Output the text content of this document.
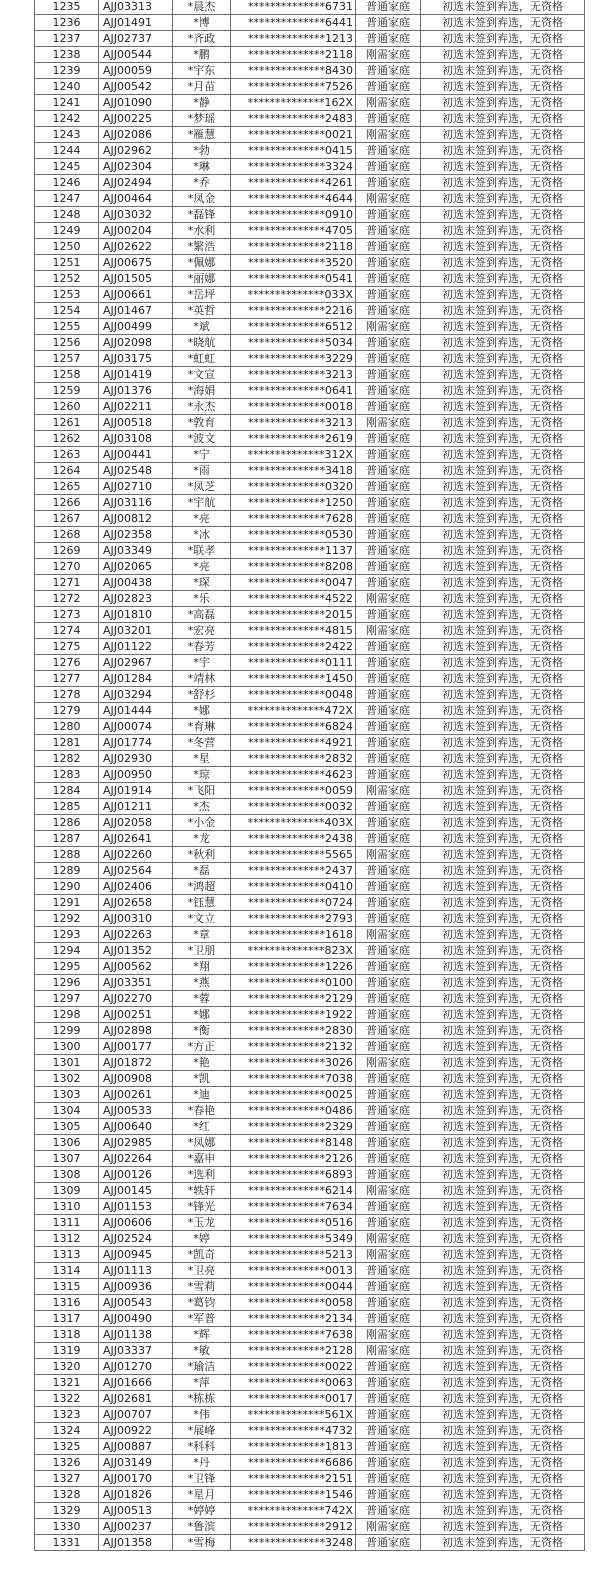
1235	AJJ03313	*晨杰	**************6731	普通家庭	初选未签到弃选，无资格
1236	AJJ01491	*博	**************6441	普通家庭	初选未签到弃选，无资格
1237	AJJ02737	*齐政	**************1213	普通家庭	初选未签到弃选，无资格
1238	AJJ00544	*鹏	**************2118	刚需家庭	初选未签到弃选，无资格
1239	AJJ00059	*宇东	**************8430	普通家庭	初选未签到弃选，无资格
1240	AJJ00542	*月苗	**************7526	普通家庭	初选未签到弃选，无资格
1241	AJJ01090	*静	**************162X	刚需家庭	初选未签到弃选，无资格
1242	AJJ00225	*梦瑶	**************2483	普通家庭	初选未签到弃选，无资格
1243	AJJ02086	*雁慧	**************0021	刚需家庭	初选未签到弃选，无资格
1244	AJJ02962	*勃	**************0415	普通家庭	初选未签到弃选，无资格
1245	AJJ02304	*琳	**************3324	普通家庭	初选未签到弃选，无资格
1246	AJJ02494	*乔	**************4261	普通家庭	初选未签到弃选，无资格
1247	AJJ00464	*凤金	**************4644	刚需家庭	初选未签到弃选，无资格
1248	AJJ03032	*磊锋	**************0910	普通家庭	初选未签到弃选，无资格
1249	AJJ00204	*水利	**************4705	普通家庭	初选未签到弃选，无资格
1250	AJJ02622	*繁浩	**************2118	普通家庭	初选未签到弃选，无资格
1251	AJJ00675	*佩娜	**************3520	普通家庭	初选未签到弃选，无资格
1252	AJJ01505	*丽娜	**************0541	普通家庭	初选未签到弃选，无资格
1253	AJJ00661	*岳坪	**************033X	普通家庭	初选未签到弃选，无资格
1254	AJJ01467	*英哲	**************2216	普通家庭	初选未签到弃选，无资格
1255	AJJ00499	*斌	**************6512	刚需家庭	初选未签到弃选，无资格
1256	AJJ02098	*晓航	**************5034	普通家庭	初选未签到弃选，无资格
1257	AJJ03175	*虹虹	**************3229	普通家庭	初选未签到弃选，无资格
1258	AJJ01419	*文宣	**************3213	普通家庭	初选未签到弃选，无资格
1259	AJJ01376	*海娟	**************0641	普通家庭	初选未签到弃选，无资格
1260	AJJ02211	*永杰	**************0018	普通家庭	初选未签到弃选，无资格
1261	AJJ00518	*敦育	**************3213	刚需家庭	初选未签到弃选，无资格
1262	AJJ03108	*波文	**************2619	普通家庭	初选未签到弃选，无资格
1263	AJJ00441	*宁	**************312X	普通家庭	初选未签到弃选，无资格
1264	AJJ02548	*雨	**************3418	普通家庭	初选未签到弃选，无资格
1265	AJJ02710	*凤芝	**************0320	普通家庭	初选未签到弃选，无资格
1266	AJJ03116	*宇航	**************1250	普通家庭	初选未签到弃选，无资格
1267	AJJ00812	*亮	**************7628	普通家庭	初选未签到弃选，无资格
1268	AJJ02358	*冰	**************0530	普通家庭	初选未签到弃选，无资格
1269	AJJ03349	*联孝	**************1137	普通家庭	初选未签到弃选，无资格
1270	AJJ02065	*亮	**************8208	普通家庭	初选未签到弃选，无资格
1271	AJJ00438	*琛	**************0047	普通家庭	初选未签到弃选，无资格
1272	AJJ02823	*乐	**************4522	刚需家庭	初选未签到弃选，无资格
1273	AJJ01810	*高磊	**************2015	普通家庭	初选未签到弃选，无资格
1274	AJJ03201	*宏亮	**************4815	刚需家庭	初选未签到弃选，无资格
1275	AJJ01122	*春芳	**************2422	普通家庭	初选未签到弃选，无资格
1276	AJJ02967	*宇	**************0111	普通家庭	初选未签到弃选，无资格
1277	AJJ01284	*靖林	**************1450	普通家庭	初选未签到弃选，无资格
1278	AJJ03294	*舒杉	**************0048	普通家庭	初选未签到弃选，无资格
1279	AJJ01444	*娜	**************472X	普通家庭	初选未签到弃选，无资格
1280	AJJ00074	*育琳	**************6824	普通家庭	初选未签到弃选，无资格
1281	AJJ01774	*冬营	**************4921	普通家庭	初选未签到弃选，无资格
1282	AJJ02930	*星	**************2832	普通家庭	初选未签到弃选，无资格
1283	AJJ00950	*琼	**************4623	普通家庭	初选未签到弃选，无资格
1284	AJJ01914	*飞阳	**************0059	刚需家庭	初选未签到弃选，无资格
1285	AJJ01211	*杰	**************0032	普通家庭	初选未签到弃选，无资格
1286	AJJ02058	*小金	**************403X	普通家庭	初选未签到弃选，无资格
1287	AJJ02641	*龙	**************2438	普通家庭	初选未签到弃选，无资格
1288	AJJ02260	*秋利	**************5565	刚需家庭	初选未签到弃选，无资格
1289	AJJ02564	*磊	**************2437	普通家庭	初选未签到弃选，无资格
1290	AJJ02406	*鸿超	**************0410	普通家庭	初选未签到弃选，无资格
1291	AJJ02658	*钰慧	**************0724	普通家庭	初选未签到弃选，无资格
1292	AJJ00310	*文立	**************2793	普通家庭	初选未签到弃选，无资格
1293	AJJ02263	*章	**************1618	刚需家庭	初选未签到弃选，无资格
1294	AJJ01352	*卫朋	**************823X	普通家庭	初选未签到弃选，无资格
1295	AJJ00562	*翔	**************1226	普通家庭	初选未签到弃选，无资格
1296	AJJ03351	*燕	**************0100	普通家庭	初选未签到弃选，无资格
1297	AJJ02270	*蓉	**************2129	普通家庭	初选未签到弃选，无资格
1298	AJJ00251	*娜	**************1922	普通家庭	初选未签到弃选，无资格
1299	AJJ02898	*衡	**************2830	普通家庭	初选未签到弃选，无资格
1300	AJJ00177	*方正	**************2132	普通家庭	初选未签到弃选，无资格
1301	AJJ01872	*艳	**************3026	刚需家庭	初选未签到弃选，无资格
1302	AJJ00908	*凯	**************7038	普通家庭	初选未签到弃选，无资格
1303	AJJ00261	*迪	**************0025	普通家庭	初选未签到弃选，无资格
1304	AJJ00533	*春艳	**************0486	普通家庭	初选未签到弃选，无资格
1305	AJJ00640	*红	**************2329	普通家庭	初选未签到弃选，无资格
1306	AJJ02985	*凤娜	**************8148	普通家庭	初选未签到弃选，无资格
1307	AJJ02264	*嘉申	**************2126	普通家庭	初选未签到弃选，无资格
1308	AJJ00126	*选利	**************6893	普通家庭	初选未签到弃选，无资格
1309	AJJ00145	*轶轩	**************6214	刚需家庭	初选未签到弃选，无资格
1310	AJJ01153	*锋光	**************7634	普通家庭	初选未签到弃选，无资格
1311	AJJ00606	*玉龙	**************0516	普通家庭	初选未签到弃选，无资格
1312	AJJ02524	*婷	**************5349	刚需家庭	初选未签到弃选，无资格
1313	AJJ00945	*凯奇	**************5213	刚需家庭	初选未签到弃选，无资格
1314	AJJ01113	*卫亮	**************0013	普通家庭	初选未签到弃选，无资格
1315	AJJ00936	*雪莉	**************0044	普通家庭	初选未签到弃选，无资格
1316	AJJ00543	*葛钧	**************0058	普通家庭	初选未签到弃选，无资格
1317	AJJ00490	*军普	**************2134	普通家庭	初选未签到弃选，无资格
1318	AJJ01138	*辉	**************7638	刚需家庭	初选未签到弃选，无资格
1319	AJJ03337	*敏	**************2128	刚需家庭	初选未签到弃选，无资格
1320	AJJ01270	*瑜洁	**************0022	普通家庭	初选未签到弃选，无资格
1321	AJJ01666	*萍	**************0063	普通家庭	初选未签到弃选，无资格
1322	AJJ02681	*栋栋	**************0017	普通家庭	初选未签到弃选，无资格
1323	AJJ00707	*伟	**************561X	普通家庭	初选未签到弃选，无资格
1324	AJJ00922	*展峰	**************4732	普通家庭	初选未签到弃选，无资格
1325	AJJ00887	*科科	**************1813	普通家庭	初选未签到弃选，无资格
1326	AJJ03149	*丹	**************6686	普通家庭	初选未签到弃选，无资格
1327	AJJ00170	*卫锋	**************2151	普通家庭	初选未签到弃选，无资格
1328	AJJ01826	*星月	**************1546	普通家庭	初选未签到弃选，无资格
1329	AJJ00513	*婷婷	**************742X	普通家庭	初选未签到弃选，无资格
1330	AJJ00237	*鲁滨	**************2912	刚需家庭	初选未签到弃选，无资格
1331	AJJ01358	*雪梅	**************3248	普通家庭	初选未签到弃选，无资格
